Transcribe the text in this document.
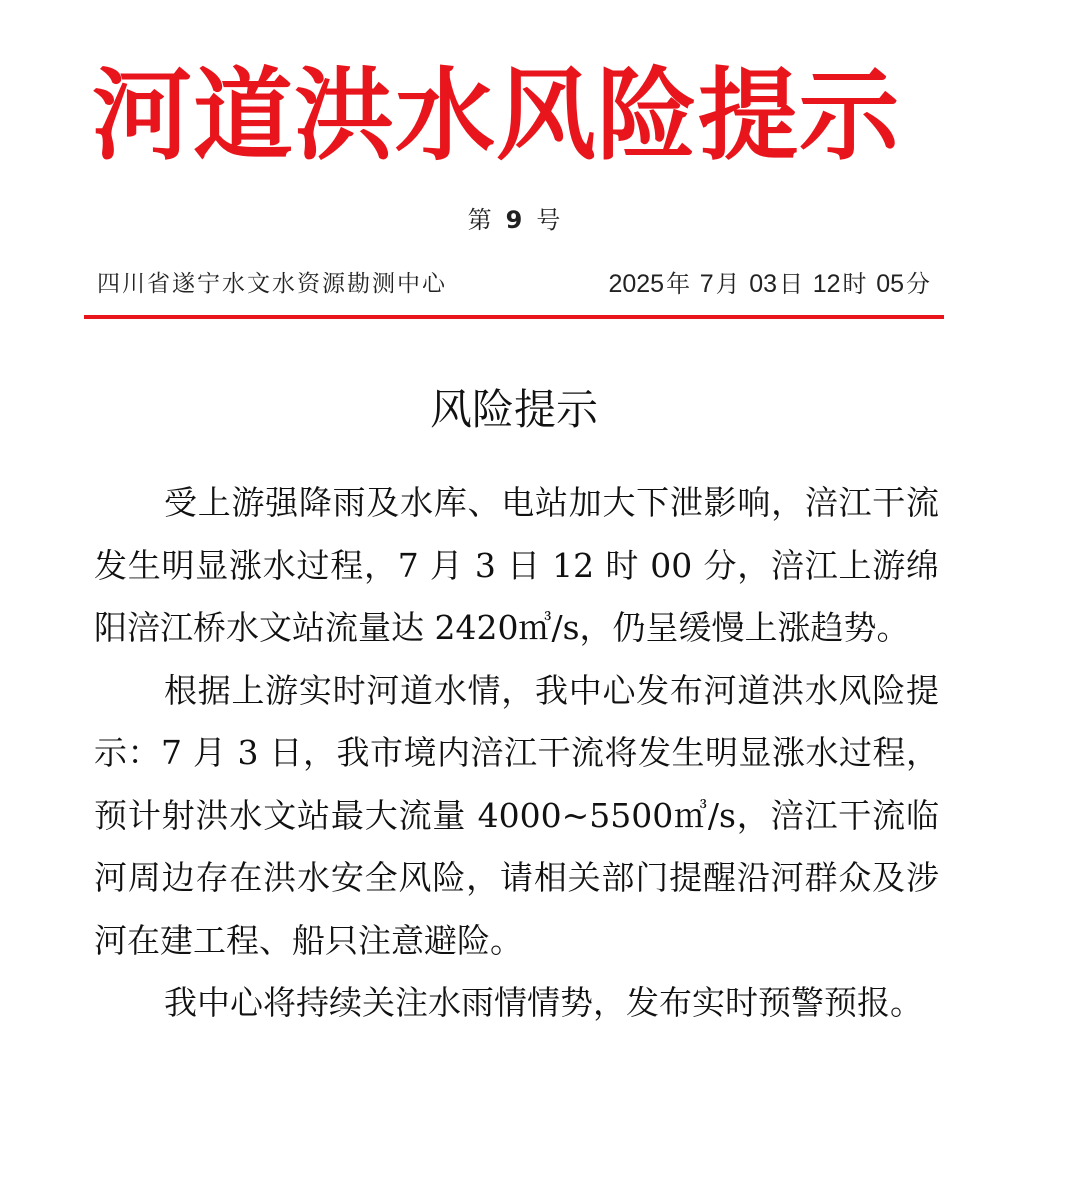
河道洪水风险提示
第 9 号
四川省遂宁水文水资源勘测中心	2025年 7月 03日 12时 05分
风险提示

受上游强降雨及水库、电站加大下泄影响，涪江干流发生明显涨水过程，7 月 3 日 12 时 00 分，涪江上游绵阳涪江桥水文站流量达 2420㎥/s，仍呈缓慢上涨趋势。

根据上游实时河道水情，我中心发布河道洪水风险提示：7 月 3 日，我市境内涪江干流将发生明显涨水过程，预计射洪水文站最大流量 4000~5500㎥/s，涪江干流临河周边存在洪水安全风险，请相关部门提醒沿河群众及涉河在建工程、船只注意避险。

我中心将持续关注水雨情情势，发布实时预警预报。
